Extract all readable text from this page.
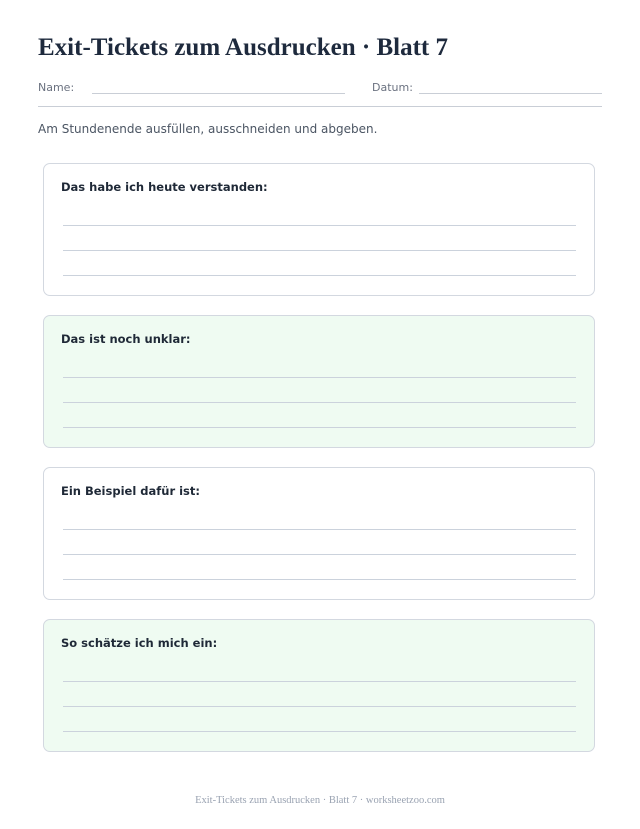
Exit-Tickets zum Ausdrucken · Blatt 7
Name:	Datum:
Am Stundenende ausfüllen, ausschneiden und abgeben.
Das habe ich heute verstanden:
Das ist noch unklar:
Ein Beispiel dafür ist:
So schätze ich mich ein:
Exit-Tickets zum Ausdrucken · Blatt 7 · worksheetzoo.com
